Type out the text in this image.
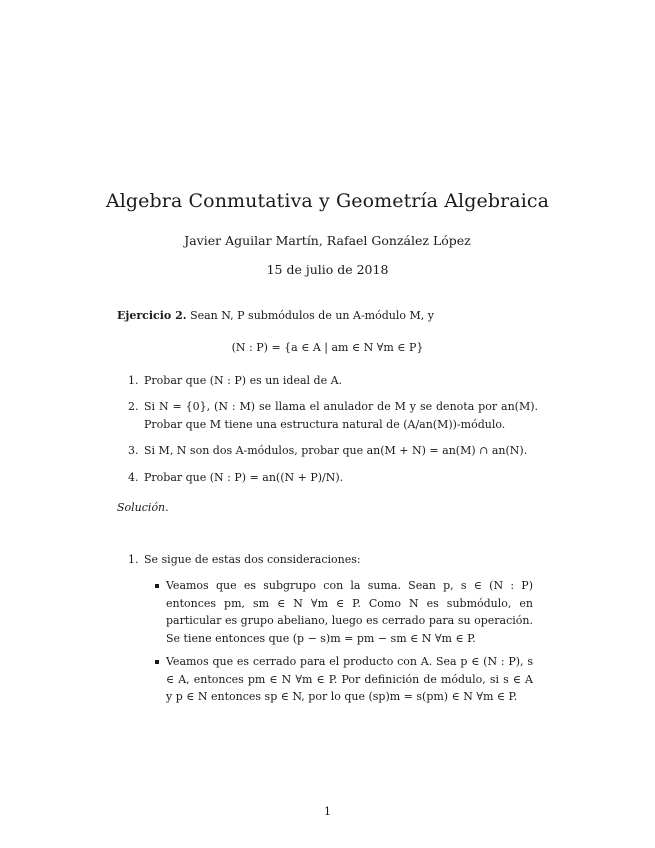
Algebra Conmutativa y Geometría Algebraica
Javier Aguilar Martín, Rafael González López
15 de julio de 2018
Ejercicio 2. Sean N, P submódulos de un A-módulo M, y
(N : P) = {a ∈ A | am ∈ N ∀m ∈ P}
1. Probar que (N : P) es un ideal de A.
2. Si N = {0}, (N : M) se llama el anulador de M y se denota por an(M). Probar que M tiene una estructura natural de (A/an(M))-módulo.
3. Si M, N son dos A-módulos, probar que an(M + N) = an(M) ∩ an(N).
4. Probar que (N : P) = an((N + P)/N).
Solución.
1. Se sigue de estas dos consideraciones:
Veamos que es subgrupo con la suma. Sean p, s ∈ (N : P) entonces pm, sm ∈ N ∀m ∈ P. Como N es submódulo, en particular es grupo abeliano, luego es cerrado para su operación. Se tiene entonces que (p − s)m = pm − sm ∈ N ∀m ∈ P.
Veamos que es cerrado para el producto con A. Sea p ∈ (N : P), s ∈ A, entonces pm ∈ N ∀m ∈ P. Por definición de módulo, si s ∈ A y p ∈ N entonces sp ∈ N, por lo que (sp)m = s(pm) ∈ N ∀m ∈ P.
1
